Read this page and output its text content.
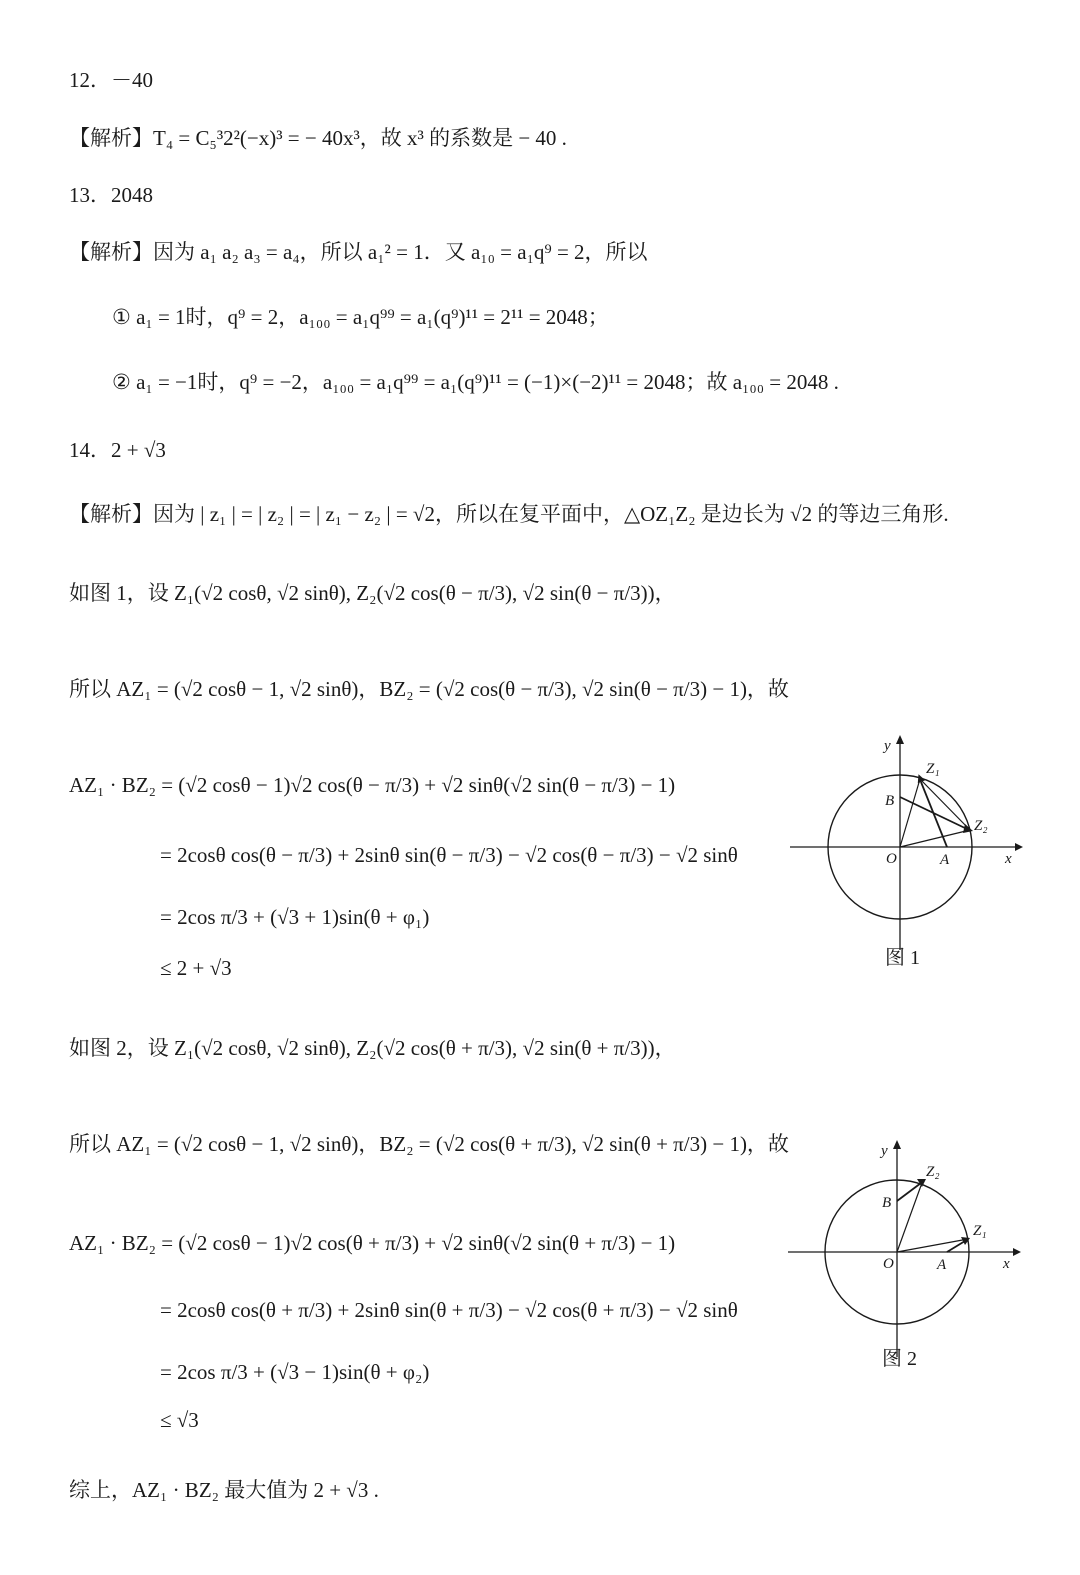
12．－40
【解析】T₄ = C₅³2²(−x)³ = − 40x³，故 x³ 的系数是 − 40 .
13．2048
【解析】因为 a₁ a₂ a₃ = a₄，所以 a₁² = 1．又 a₁₀ = a₁q⁹ = 2，所以
① a₁ = 1时，q⁹ = 2，a₁₀₀ = a₁q⁹⁹ = a₁(q⁹)¹¹ = 2¹¹ = 2048；
② a₁ = −1时，q⁹ = −2，a₁₀₀ = a₁q⁹⁹ = a₁(q⁹)¹¹ = (−1)×(−2)¹¹ = 2048；故 a₁₀₀ = 2048 .
14．2 + √3
【解析】因为 | z₁ | = | z₂ | = | z₁ − z₂ | = √2，所以在复平面中，△OZ₁Z₂ 是边长为 √2 的等边三角形.
如图 1，设 Z₁(√2 cosθ, √2 sinθ), Z₂(√2 cos(θ − π/3), √2 sin(θ − π/3))，
所以 AZ₁ = (√2 cosθ − 1, √2 sinθ)，BZ₂ = (√2 cos(θ − π/3), √2 sin(θ − π/3) − 1)，故
AZ₁ · BZ₂ = (√2 cosθ − 1)√2 cos(θ − π/3) + √2 sinθ(√2 sin(θ − π/3) − 1)
= 2cosθ cos(θ − π/3) + 2sinθ sin(θ − π/3) − √2 cos(θ − π/3) − √2 sinθ
= 2cos π/3 + (√3 + 1)sin(θ + φ₁)
≤ 2 + √3
如图 2，设 Z₁(√2 cosθ, √2 sinθ), Z₂(√2 cos(θ + π/3), √2 sin(θ + π/3))，
所以 AZ₁ = (√2 cosθ − 1, √2 sinθ)，BZ₂ = (√2 cos(θ + π/3), √2 sin(θ + π/3) − 1)，故
AZ₁ · BZ₂ = (√2 cosθ − 1)√2 cos(θ + π/3) + √2 sinθ(√2 sin(θ + π/3) − 1)
= 2cosθ cos(θ + π/3) + 2sinθ sin(θ + π/3) − √2 cos(θ + π/3) − √2 sinθ
= 2cos π/3 + (√3 − 1)sin(θ + φ₂)
≤ √3
综上，AZ₁ · BZ₂ 最大值为 2 + √3 .
y
Z₁
B
Z₂
O	A	x
图 1
y
Z₂
B
Z₁
O	A	x
图 2
